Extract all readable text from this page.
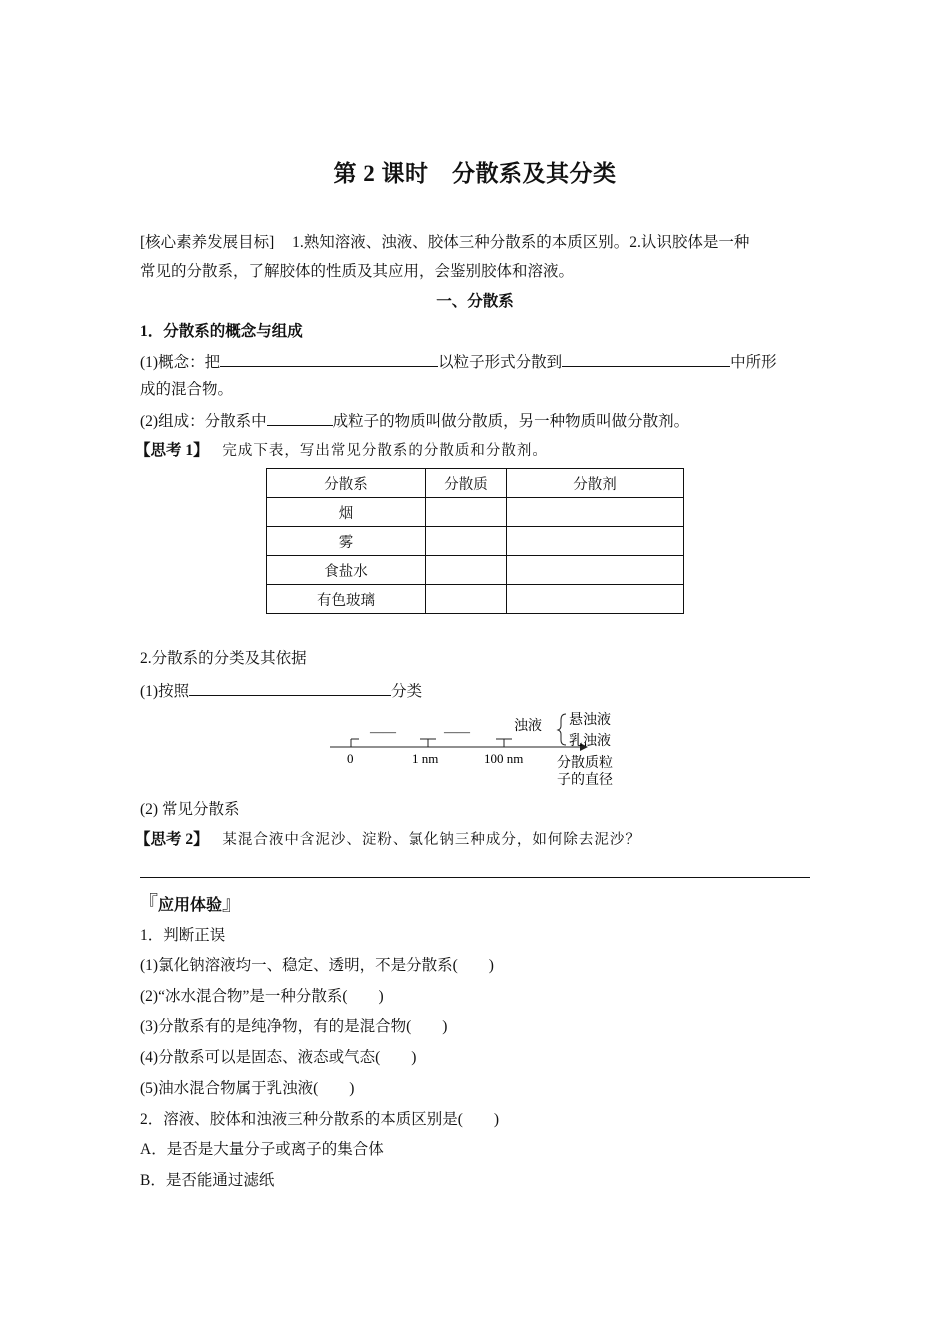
第 2 课时　分散系及其分类
[核心素养发展目标] 1.熟知溶液、浊液、胶体三种分散系的本质区别。2.认识胶体是一种
常见的分散系，了解胶体的性质及其应用，会鉴别胶体和溶液。
一、分散系
1．分散系的概念与组成
(1)概念：把	以粒子形式分散到	中所形
成的混合物。
(2)组成：分散系中	成粒子的物质叫做分散质，另一种物质叫做分散剂。
【思考 1】 完成下表，写出常见分散系的分散质和分散剂。
分散系	分散质	分散剂
烟		
雾		
食盐水		
有色玻璃		
2.分散系的分类及其依据
(1)按照	分类
——	——	浊液 悬浊液
乳浊液
0	1 nm	100 nm 分散质粒
子的直径
(2) 常见分散系
【思考 2】 某混合液中含泥沙、淀粉、氯化钠三种成分，如何除去泥沙？
『应用体验』
1．判断正误
(1)氯化钠溶液均一、稳定、透明，不是分散系(　　)
(2)“冰水混合物”是一种分散系(　　)
(3)分散系有的是纯净物，有的是混合物(　　)
(4)分散系可以是固态、液态或气态(　　)
(5)油水混合物属于乳浊液(　　)
2．溶液、胶体和浊液三种分散系的本质区别是(　　)
A．是否是大量分子或离子的集合体
B．是否能通过滤纸
